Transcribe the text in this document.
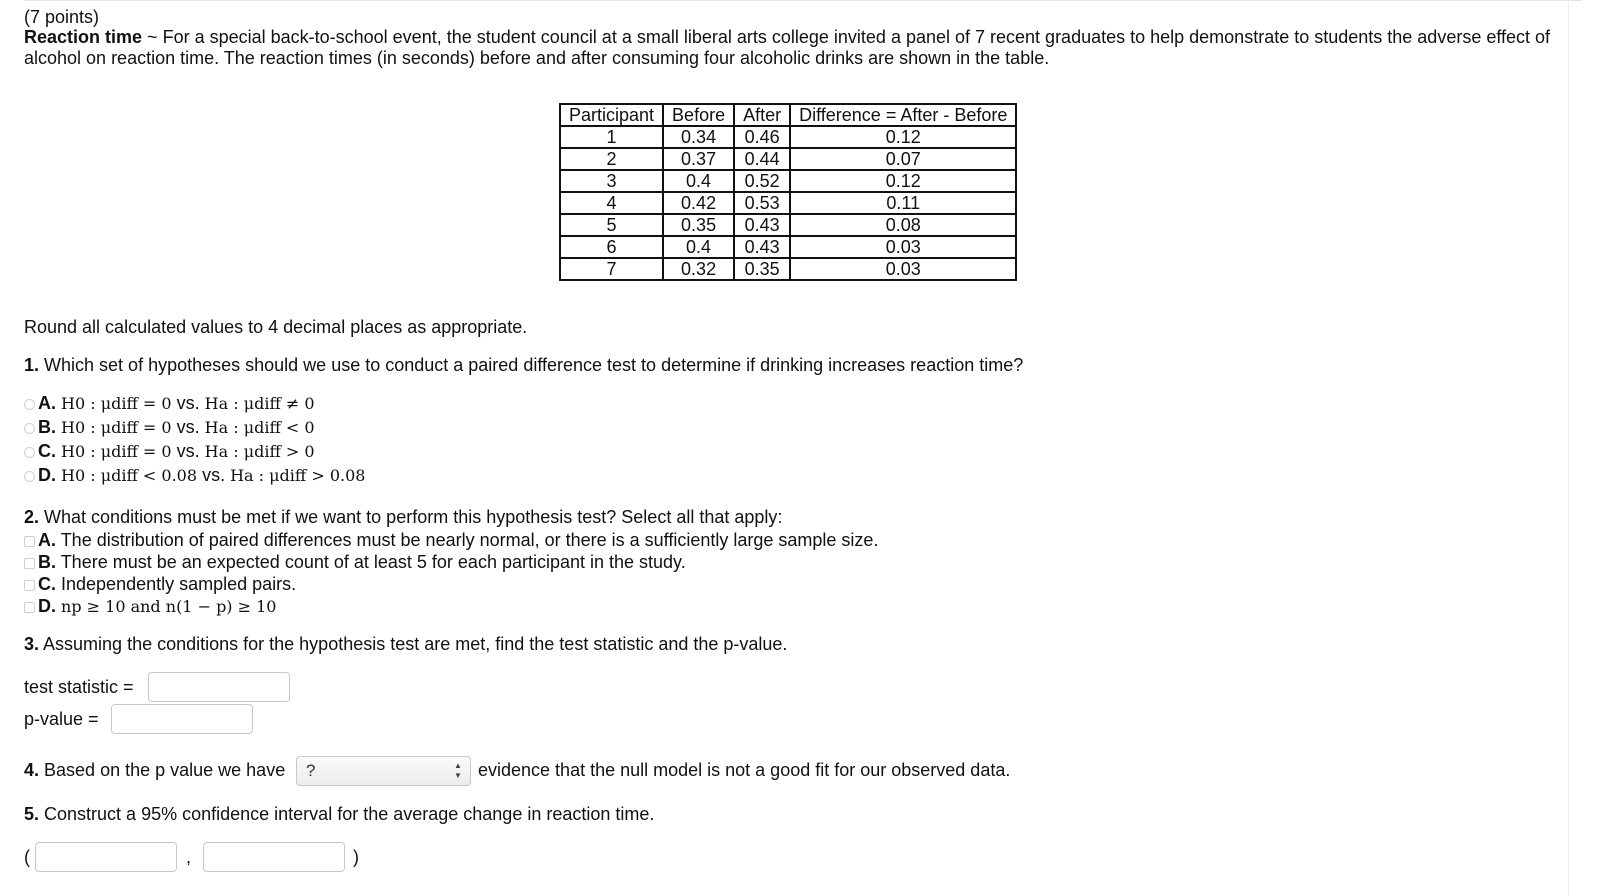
(7 points)
Reaction time ~ For a special back-to-school event, the student council at a small liberal arts college invited a panel of 7 recent graduates to help demonstrate to students the adverse effect of alcohol on reaction time. The reaction times (in seconds) before and after consuming four alcoholic drinks are shown in the table.
Participant	Before	After	Difference = After - Before
1	0.34	0.46	0.12
2	0.37	0.44	0.07
3	0.4	0.52	0.12
4	0.42	0.53	0.11
5	0.35	0.43	0.08
6	0.4	0.43	0.03
7	0.32	0.35	0.03
Round all calculated values to 4 decimal places as appropriate.
1. Which set of hypotheses should we use to conduct a paired difference test to determine if drinking increases reaction time?
A. H0 : μdiff = 0 vs. Ha : μdiff ≠ 0
B. H0 : μdiff = 0 vs. Ha : μdiff < 0
C. H0 : μdiff = 0 vs. Ha : μdiff > 0
D. H0 : μdiff < 0.08 vs. Ha : μdiff > 0.08
2. What conditions must be met if we want to perform this hypothesis test? Select all that apply:
A. The distribution of paired differences must be nearly normal, or there is a sufficiently large sample size.
B. There must be an expected count of at least 5 for each participant in the study.
C. Independently sampled pairs.
D. np ≥ 10 and n(1 − p) ≥ 10
3. Assuming the conditions for the hypothesis test are met, find the test statistic and the p-value.
test statistic =
p-value =
4. Based on the p value we have	?	▲
▼ evidence that the null model is not a good fit for our observed data.
5. Construct a 95% confidence interval for the average change in reaction time.
(	,	)
